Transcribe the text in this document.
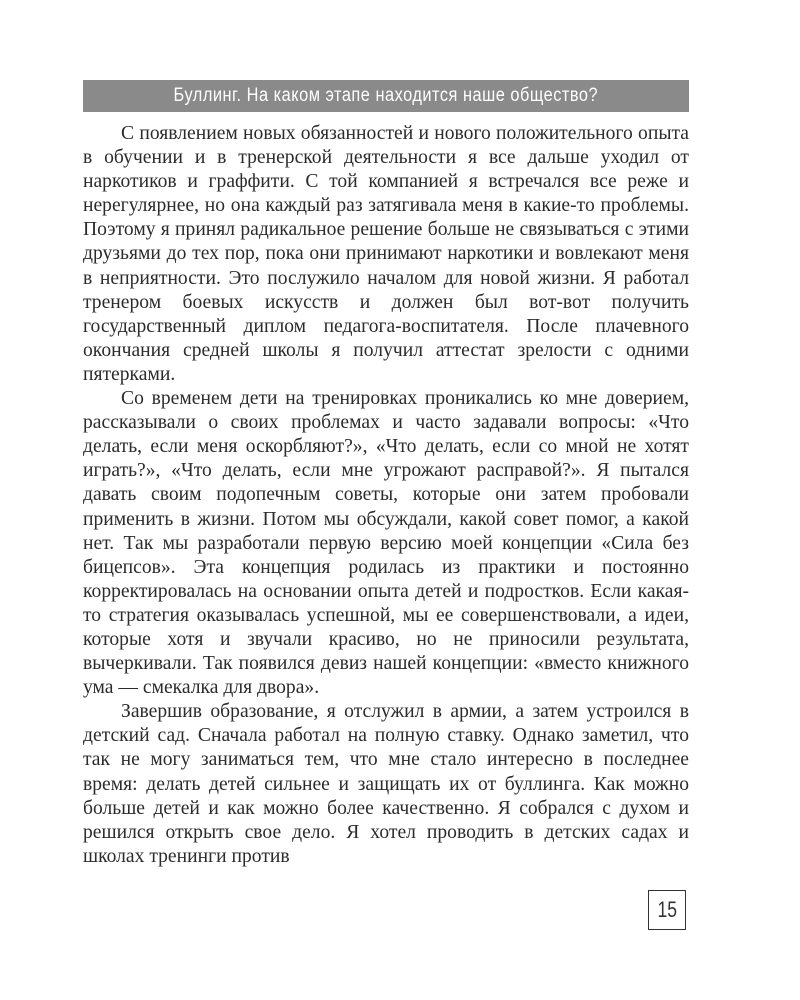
Буллинг. На каком этапе находится наше общество?

С появлением новых обязанностей и нового положительного опыта в обучении и в тренерской деятельности я все дальше уходил от наркотиков и граффити. С той компанией я встречался все реже и нерегулярнее, но она каждый раз затягивала меня в какие-то проблемы. Поэтому я принял радикальное решение больше не связываться с этими друзьями до тех пор, пока они принимают наркотики и вовлекают меня в неприятности. Это послужило началом для новой жизни. Я работал тренером боевых искусств и должен был вот-вот получить государственный диплом педагога-воспитателя. После плачевного окончания средней школы я получил аттестат зрелости с одними пятерками.

Со временем дети на тренировках проникались ко мне доверием, рассказывали о своих проблемах и часто задавали вопросы: «Что делать, если меня оскорбляют?», «Что делать, если со мной не хотят играть?», «Что делать, если мне угрожают расправой?». Я пытался давать своим подопечным советы, которые они затем пробовали применить в жизни. Потом мы обсуждали, какой совет помог, а какой нет. Так мы разработали первую версию моей концепции «Сила без бицепсов». Эта концепция родилась из практики и постоянно корректировалась на основании опыта детей и подростков. Если какая-то стратегия оказывалась успешной, мы ее совершенствовали, а идеи, которые хотя и звучали красиво, но не приносили результата, вычеркивали. Так появился девиз нашей концепции: «вместо книжного ума — смекалка для двора».

Завершив образование, я отслужил в армии, а затем устроился в детский сад. Сначала работал на полную ставку. Однако заметил, что так не могу заниматься тем, что мне стало интересно в последнее время: делать детей сильнее и защищать их от буллинга. Как можно больше детей и как можно более качественно. Я собрался с духом и решился открыть свое дело. Я хотел проводить в детских садах и школах тренинги против

15
